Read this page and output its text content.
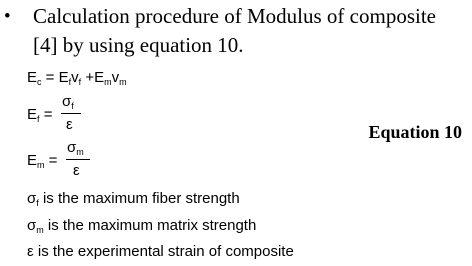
• Calculation procedure of Modulus of composite
[4] by using equation 10.
$E_c = E_fv_f +E_mv_m$
$E_f$ =
$\sigma_f$
ε
$E_m$ =
$\sigma_m$
ε
Equation 10
$\sigma_f$ is the maximum fiber strength
$\sigma_m$ is the maximum matrix strength
ε is the experimental strain of composite
